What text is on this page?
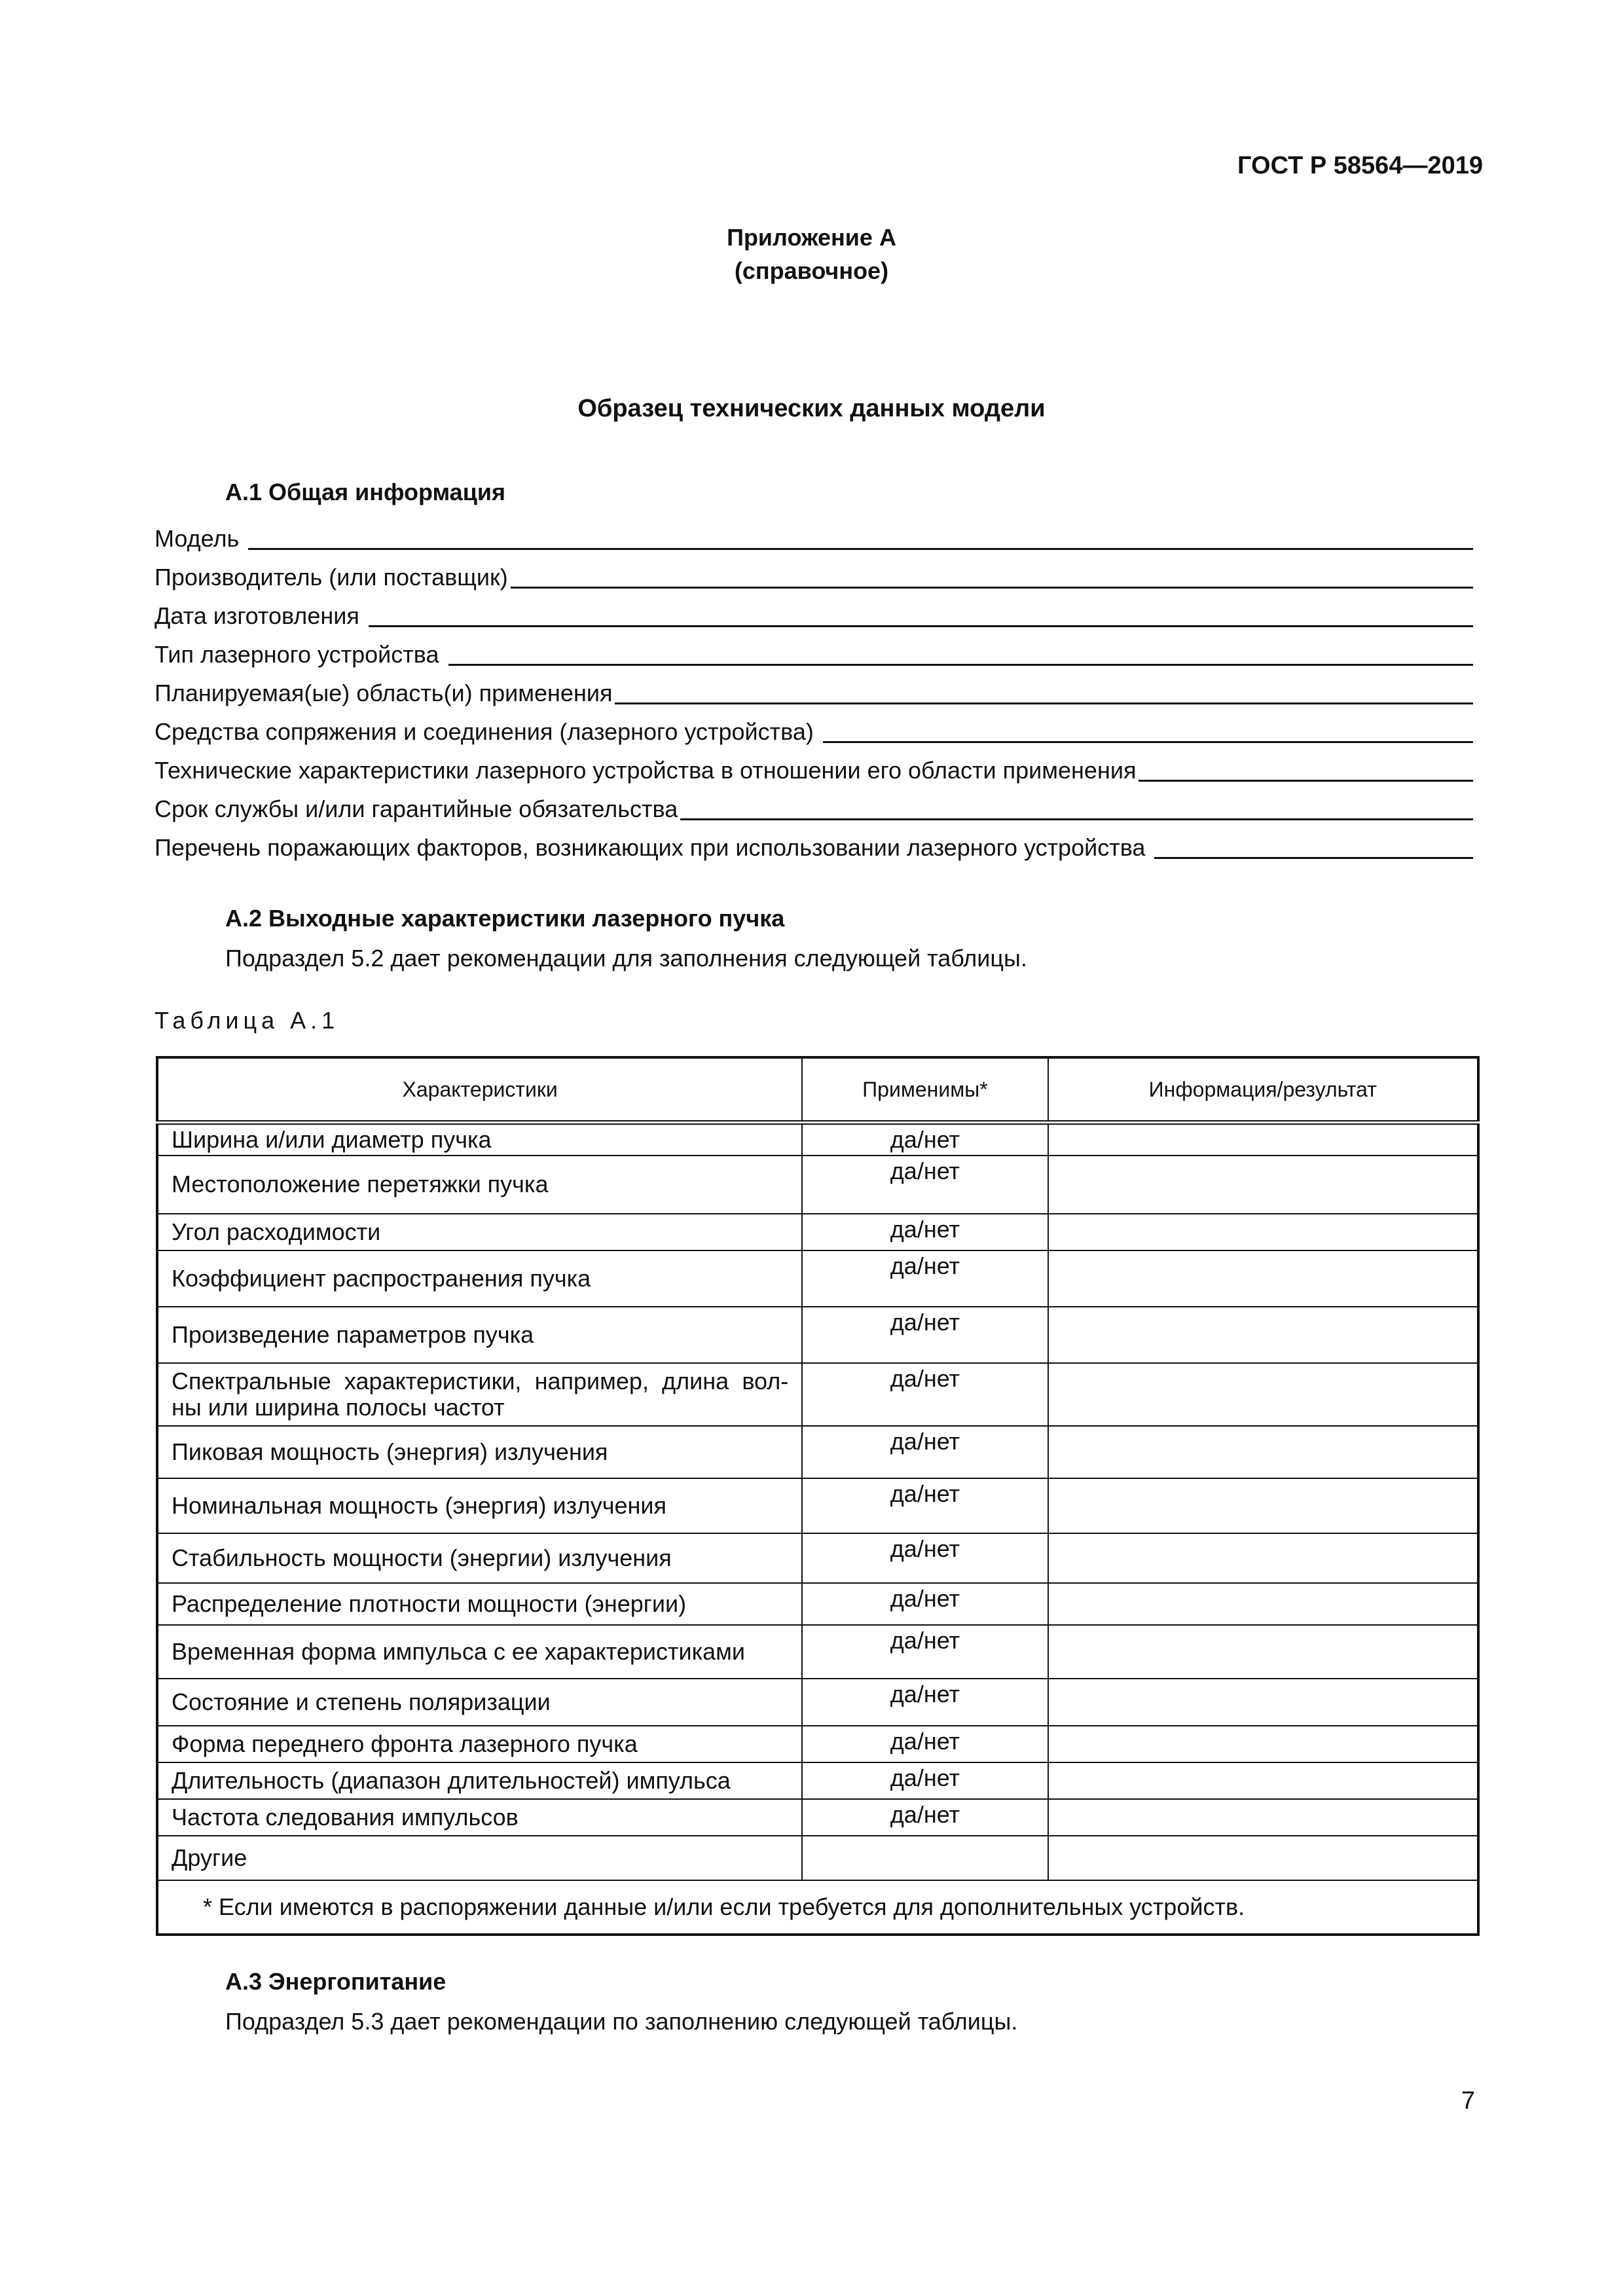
ГОСТ Р 58564—2019
Приложение А
(справочное)
Образец технических данных модели
А.1 Общая информация
Модель
Производитель (или поставщик)
Дата изготовления
Тип лазерного устройства
Планируемая(ые) область(и) применения
Средства сопряжения и соединения (лазерного устройства)
Технические характеристики лазерного устройства в отношении его области применения
Срок службы и/или гарантийные обязательства
Перечень поражающих факторов, возникающих при использовании лазерного устройства
А.2 Выходные характеристики лазерного пучка
Подраздел 5.2 дает рекомендации для заполнения следующей таблицы.
Таблица А.1
Характеристики	Применимы*	Информация/результат
Ширина и/или диаметр пучка	да/нет	
Местоположение перетяжки пучка	да/нет	
Угол расходимости	да/нет	
Коэффициент распространения пучка	да/нет	
Произведение параметров пучка	да/нет	
Спектральные характеристики, например, длина вол-ны или ширина полосы частот	да/нет	
Пиковая мощность (энергия) излучения	да/нет	
Номинальная мощность (энергия) излучения	да/нет	
Стабильность мощности (энергии) излучения	да/нет	
Распределение плотности мощности (энергии)	да/нет	
Временная форма импульса с ее характеристиками	да/нет	
Состояние и степень поляризации	да/нет	
Форма переднего фронта лазерного пучка	да/нет	
Длительность (диапазон длительностей) импульса	да/нет	
Частота следования импульсов	да/нет	
Другие		
* Если имеются в распоряжении данные и/или если требуется для дополнительных устройств.		
А.3 Энергопитание
Подраздел 5.3 дает рекомендации по заполнению следующей таблицы.
7
